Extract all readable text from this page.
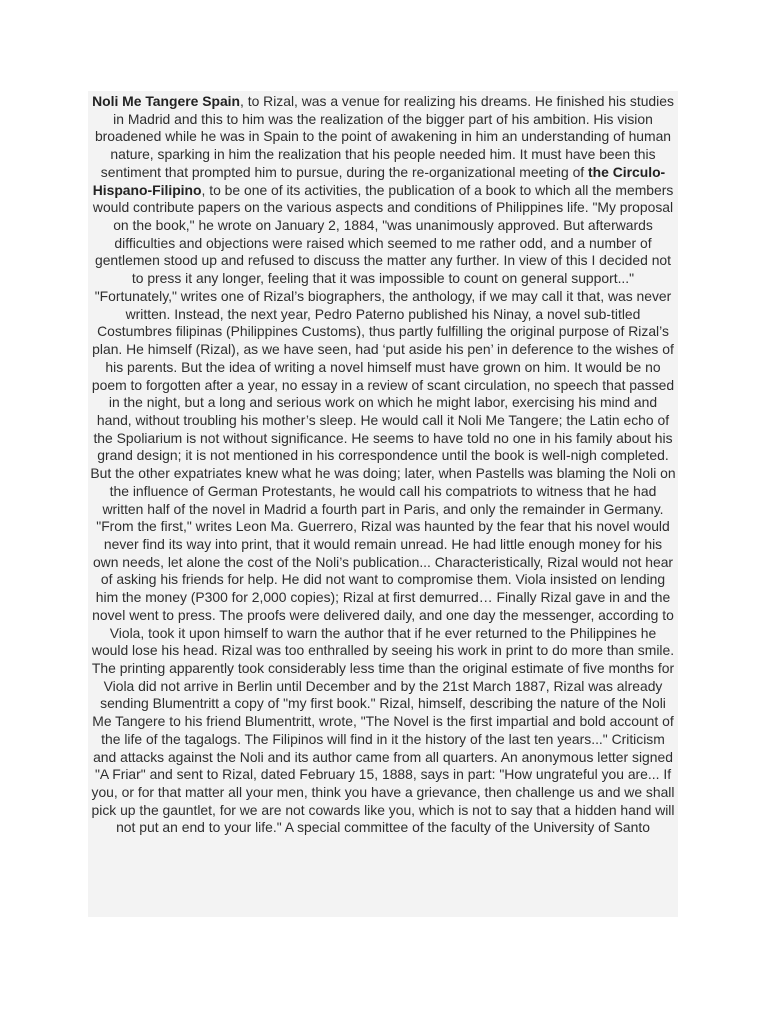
Noli Me Tangere Spain, to Rizal, was a venue for realizing his dreams. He finished his studies in Madrid and this to him was the realization of the bigger part of his ambition. His vision broadened while he was in Spain to the point of awakening in him an understanding of human nature, sparking in him the realization that his people needed him. It must have been this sentiment that prompted him to pursue, during the re-organizational meeting of the Circulo-Hispano-Filipino, to be one of its activities, the publication of a book to which all the members would contribute papers on the various aspects and conditions of Philippines life. "My proposal on the book," he wrote on January 2, 1884, "was unanimously approved. But afterwards difficulties and objections were raised which seemed to me rather odd, and a number of gentlemen stood up and refused to discuss the matter any further. In view of this I decided not to press it any longer, feeling that it was impossible to count on general support..." "Fortunately," writes one of Rizal’s biographers, the anthology, if we may call it that, was never written. Instead, the next year, Pedro Paterno published his Ninay, a novel sub-titled Costumbres filipinas (Philippines Customs), thus partly fulfilling the original purpose of Rizal’s plan. He himself (Rizal), as we have seen, had ‘put aside his pen’ in deference to the wishes of his parents. But the idea of writing a novel himself must have grown on him. It would be no poem to forgotten after a year, no essay in a review of scant circulation, no speech that passed in the night, but a long and serious work on which he might labor, exercising his mind and hand, without troubling his mother’s sleep. He would call it Noli Me Tangere; the Latin echo of the Spoliarium is not without significance. He seems to have told no one in his family about his grand design; it is not mentioned in his correspondence until the book is well-nigh completed. But the other expatriates knew what he was doing; later, when Pastells was blaming the Noli on the influence of German Protestants, he would call his compatriots to witness that he had written half of the novel in Madrid a fourth part in Paris, and only the remainder in Germany. "From the first," writes Leon Ma. Guerrero, Rizal was haunted by the fear that his novel would never find its way into print, that it would remain unread. He had little enough money for his own needs, let alone the cost of the Noli’s publication... Characteristically, Rizal would not hear of asking his friends for help. He did not want to compromise them. Viola insisted on lending him the money (P300 for 2,000 copies); Rizal at first demurred… Finally Rizal gave in and the novel went to press. The proofs were delivered daily, and one day the messenger, according to Viola, took it upon himself to warn the author that if he ever returned to the Philippines he would lose his head. Rizal was too enthralled by seeing his work in print to do more than smile. The printing apparently took considerably less time than the original estimate of five months for Viola did not arrive in Berlin until December and by the 21st March 1887, Rizal was already sending Blumentritt a copy of "my first book." Rizal, himself, describing the nature of the Noli Me Tangere to his friend Blumentritt, wrote, "The Novel is the first impartial and bold account of the life of the tagalogs. The Filipinos will find in it the history of the last ten years..." Criticism and attacks against the Noli and its author came from all quarters. An anonymous letter signed "A Friar" and sent to Rizal, dated February 15, 1888, says in part: "How ungrateful you are... If you, or for that matter all your men, think you have a grievance, then challenge us and we shall pick up the gauntlet, for we are not cowards like you, which is not to say that a hidden hand will not put an end to your life." A special committee of the faculty of the University of Santo
